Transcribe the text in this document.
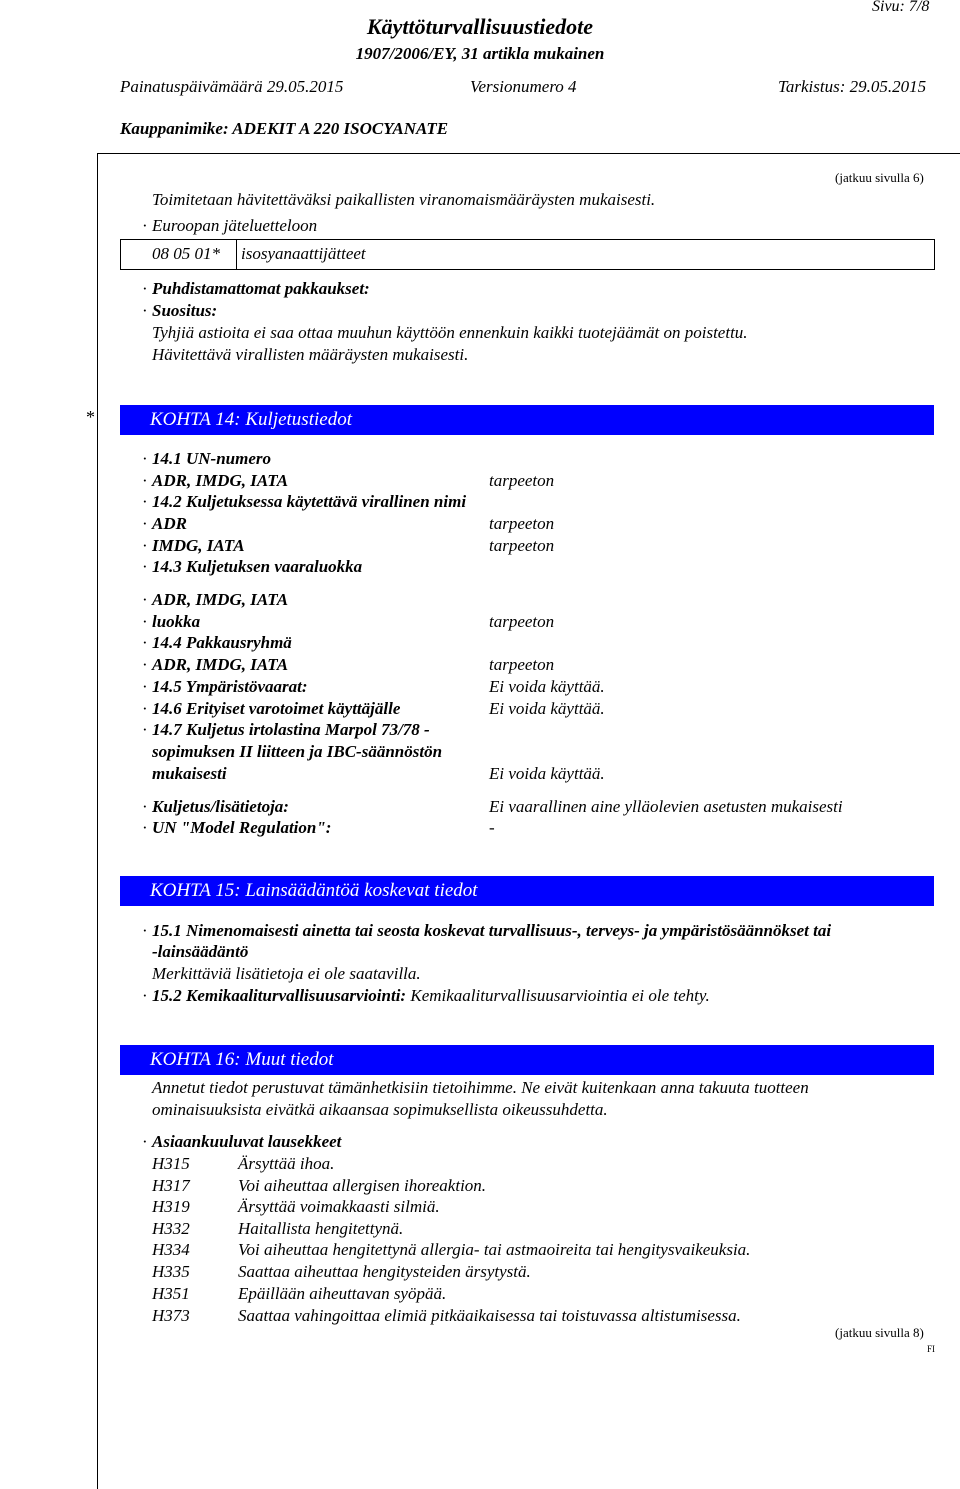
Sivu: 7/8
Käyttöturvallisuustiedote
1907/2006/EY, 31 artikla mukainen
Painatuspäivämäärä 29.05.2015	Versionumero 4	Tarkistus: 29.05.2015
Kauppanimike: ADEKIT A 220 ISOCYANATE
(jatkuu sivulla 6)
Toimitetaan hävitettäväksi paikallisten viranomaismääräysten mukaisesti.
· Euroopan jäteluetteloon
08 05 01* isosyanaattijätteet
· Puhdistamattomat pakkaukset:
· Suositus:
Tyhjiä astioita ei saa ottaa muuhun käyttöön ennenkuin kaikki tuotejäämät on poistettu.
Hävitettävä virallisten määräysten mukaisesti.
*	KOHTA 14: Kuljetustiedot
· 14.1 UN-numero
· ADR, IMDG, IATA	tarpeeton
· 14.2 Kuljetuksessa käytettävä virallinen nimi
· ADR	tarpeeton
· IMDG, IATA	tarpeeton
· 14.3 Kuljetuksen vaaraluokka
· ADR, IMDG, IATA
· luokka	tarpeeton
· 14.4 Pakkausryhmä
· ADR, IMDG, IATA	tarpeeton
· 14.5 Ympäristövaarat:	Ei voida käyttää.
· 14.6 Erityiset varotoimet käyttäjälle	Ei voida käyttää.
· 14.7 Kuljetus irtolastina Marpol 73/78 -
sopimuksen II liitteen ja IBC-säännöstön
mukaisesti	Ei voida käyttää.
· Kuljetus/lisätietoja:	Ei vaarallinen aine ylläolevien asetusten mukaisesti
· UN "Model Regulation":	-
KOHTA 15: Lainsäädäntöä koskevat tiedot
· 15.1 Nimenomaisesti ainetta tai seosta koskevat turvallisuus-, terveys- ja ympäristösäännökset tai
-lainsäädäntö
Merkittäviä lisätietoja ei ole saatavilla.
· 15.2 Kemikaaliturvallisuusarviointi: Kemikaaliturvallisuusarviointia ei ole tehty.
KOHTA 16: Muut tiedot
Annetut tiedot perustuvat tämänhetkisiin tietoihimme. Ne eivät kuitenkaan anna takuuta tuotteen
ominaisuuksista eivätkä aikaansaa sopimuksellista oikeussuhdetta.
· Asiaankuuluvat lausekkeet
H315	Ärsyttää ihoa.
H317	Voi aiheuttaa allergisen ihoreaktion.
H319	Ärsyttää voimakkaasti silmiä.
H332	Haitallista hengitettynä.
H334	Voi aiheuttaa hengitettynä allergia- tai astmaoireita tai hengitysvaikeuksia.
H335	Saattaa aiheuttaa hengitysteiden ärsytystä.
H351	Epäillään aiheuttavan syöpää.
H373	Saattaa vahingoittaa elimiä pitkäaikaisessa tai toistuvassa altistumisessa.
(jatkuu sivulla 8)
FI
